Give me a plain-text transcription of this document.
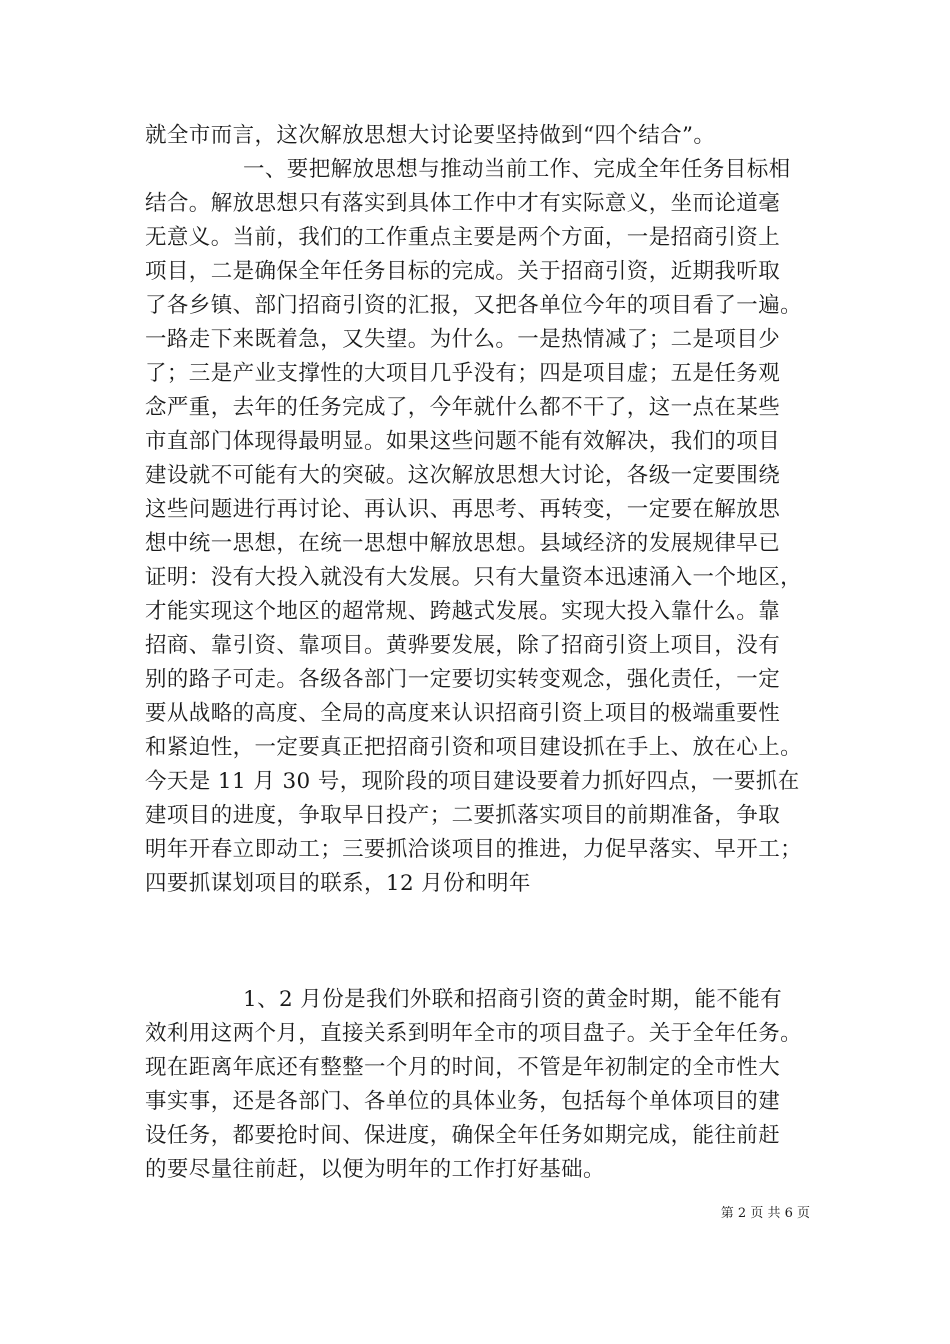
就全市而言，这次解放思想大讨论要坚持做到“四个结合”。
一、要把解放思想与推动当前工作、完成全年任务目标相
结合。解放思想只有落实到具体工作中才有实际意义，坐而论道毫
无意义。当前，我们的工作重点主要是两个方面，一是招商引资上
项目，二是确保全年任务目标的完成。关于招商引资，近期我听取
了各乡镇、部门招商引资的汇报，又把各单位今年的项目看了一遍。
一路走下来既着急，又失望。为什么。一是热情减了；二是项目少
了；三是产业支撑性的大项目几乎没有；四是项目虚；五是任务观
念严重，去年的任务完成了，今年就什么都不干了，这一点在某些
市直部门体现得最明显。如果这些问题不能有效解决，我们的项目
建设就不可能有大的突破。这次解放思想大讨论，各级一定要围绕
这些问题进行再讨论、再认识、再思考、再转变，一定要在解放思
想中统一思想，在统一思想中解放思想。县域经济的发展规律早已
证明：没有大投入就没有大发展。只有大量资本迅速涌入一个地区，
才能实现这个地区的超常规、跨越式发展。实现大投入靠什么。靠
招商、靠引资、靠项目。黄骅要发展，除了招商引资上项目，没有
别的路子可走。各级各部门一定要切实转变观念，强化责任，一定
要从战略的高度、全局的高度来认识招商引资上项目的极端重要性
和紧迫性，一定要真正把招商引资和项目建设抓在手上、放在心上。
今天是 11 月 30 号，现阶段的项目建设要着力抓好四点，一要抓在
建项目的进度，争取早日投产；二要抓落实项目的前期准备，争取
明年开春立即动工；三要抓洽谈项目的推进，力促早落实、早开工；
四要抓谋划项目的联系，12 月份和明年
1、2 月份是我们外联和招商引资的黄金时期，能不能有
效利用这两个月，直接关系到明年全市的项目盘子。关于全年任务。
现在距离年底还有整整一个月的时间，不管是年初制定的全市性大
事实事，还是各部门、各单位的具体业务，包括每个单体项目的建
设任务，都要抢时间、保进度，确保全年任务如期完成，能往前赶
的要尽量往前赶，以便为明年的工作打好基础。
第 2 页 共 6 页
